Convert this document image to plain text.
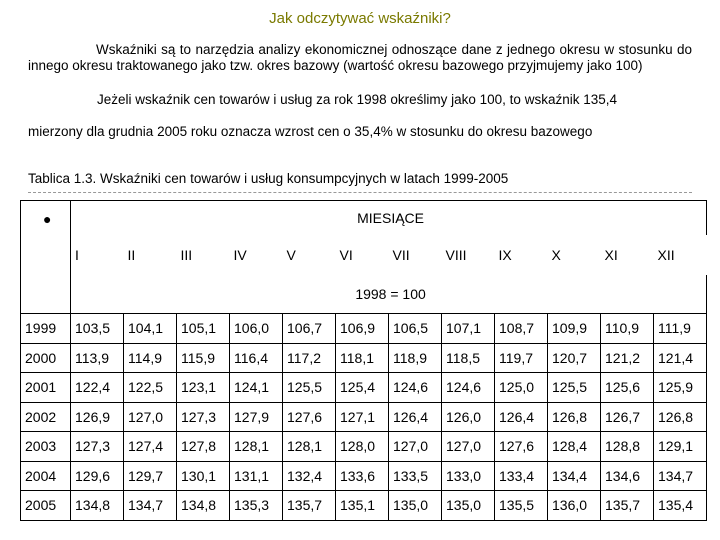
Jak odczytywać wskaźniki?
Wskaźniki są to narzędzia analizy ekonomicznej odnoszące dane z jednego okresu w stosunku do innego okresu traktowanego jako tzw. okres bazowy (wartość okresu bazowego przyjmujemy jako 100)
Jeżeli wskaźnik cen towarów i usług za rok 1998 określimy jako 100, to wskaźnik 135,4
mierzony dla grudnia 2005 roku oznacza wzrost cen o 35,4% w stosunku do okresu bazowego
Tablica 1.3. Wskaźniki cen towarów i usług konsumpcyjnych w latach 1999-2005
●	MIESIĄCE											
	I	II	III	IV	V	VI	VII	VIII	IX	X	XI	XII
	1998 = 100											
1999	103,5	104,1	105,1	106,0	106,7	106,9	106,5	107,1	108,7	109,9	110,9	111,9
2000	113,9	114,9	115,9	116,4	117,2	118,1	118,9	118,5	119,7	120,7	121,2	121,4
2001	122,4	122,5	123,1	124,1	125,5	125,4	124,6	124,6	125,0	125,5	125,6	125,9
2002	126,9	127,0	127,3	127,9	127,6	127,1	126,4	126,0	126,4	126,8	126,7	126,8
2003	127,3	127,4	127,8	128,1	128,1	128,0	127,0	127,0	127,6	128,4	128,8	129,1
2004	129,6	129,7	130,1	131,1	132,4	133,6	133,5	133,0	133,4	134,4	134,6	134,7
2005	134,8	134,7	134,8	135,3	135,7	135,1	135,0	135,0	135,5	136,0	135,7	135,4
